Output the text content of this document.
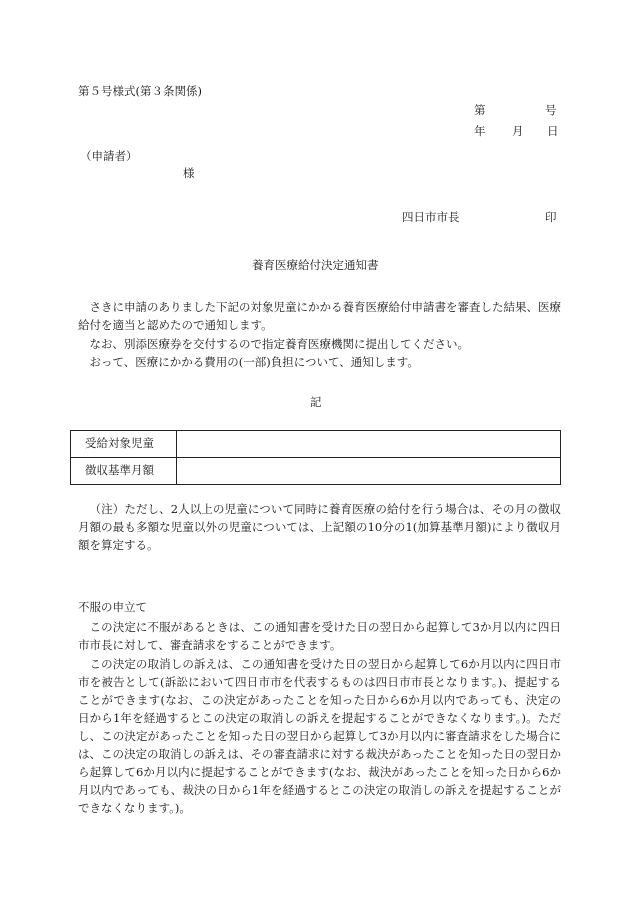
第５号様式(第３条関係)
第	号
年 月 日
（申請者）
様
四日市市長	印
養育医療給付決定通知書
さきに申請のありました下記の対象児童にかかる養育医療給付申請書を審査した結果、医療給付を適当と認めたので通知します。
なお、別添医療券を交付するので指定養育医療機関に提出してください。
おって、医療にかかる費用の(一部)負担について、通知します。
記
受給対象児童	
徴収基準月額	
（注）ただし、2人以上の児童について同時に養育医療の給付を行う場合は、その月の徴収月額の最も多額な児童以外の児童については、上記額の10分の1(加算基準月額)により徴収月額を算定する。
不服の申立て
この決定に不服があるときは、この通知書を受けた日の翌日から起算して3か月以内に四日市市長に対して、審査請求をすることができます。
この決定の取消しの訴えは、この通知書を受けた日の翌日から起算して6か月以内に四日市市を被告として(訴訟において四日市市を代表するものは四日市市長となります。)、提起することができます(なお、この決定があったことを知った日から6か月以内であっても、決定の日から1年を経過するとこの決定の取消しの訴えを提起することができなくなります。)。ただし、この決定があったことを知った日の翌日から起算して3か月以内に審査請求をした場合には、この決定の取消しの訴えは、その審査請求に対する裁決があったことを知った日の翌日から起算して6か月以内に提起することができます(なお、裁決があったことを知った日から6か月以内であっても、裁決の日から1年を経過するとこの決定の取消しの訴えを提起することができなくなります。)。
